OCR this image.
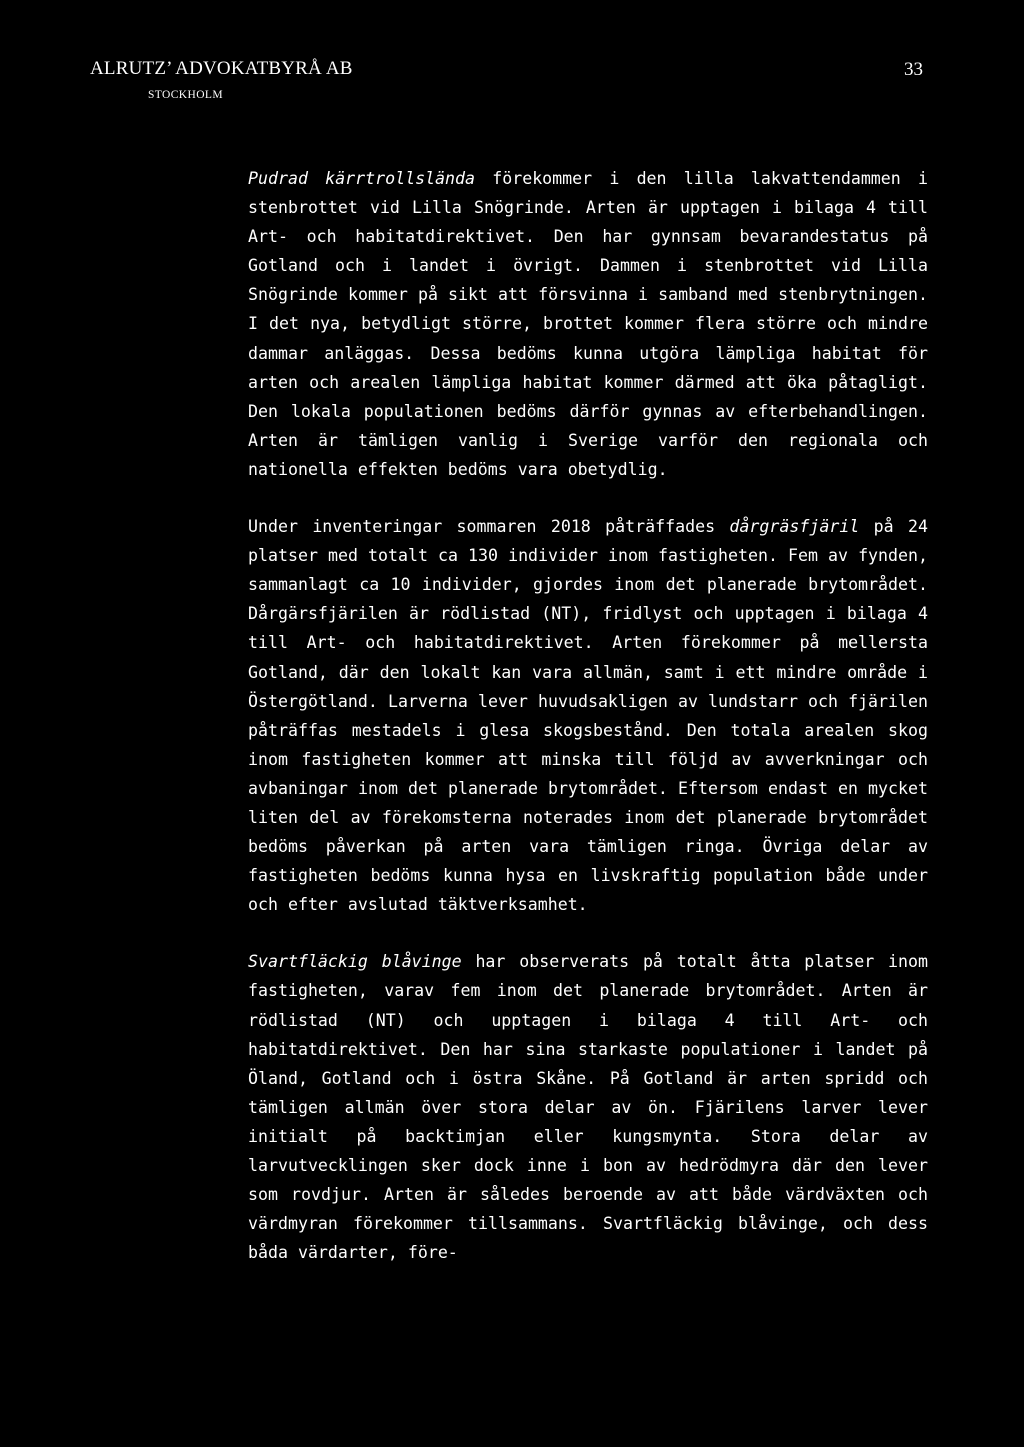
ALRUTZ’ ADVOKATBYRÅ AB
STOCKHOLM
33

Pudrad kärrtrollslända förekommer i den lilla lakvattendammen i stenbrottet vid Lilla Snögrinde. Arten är upptagen i bilaga 4 till Art- och habitatdirektivet. Den har gynnsam bevarandestatus på Gotland och i landet i övrigt. Dammen i stenbrottet vid Lilla Snögrinde kommer på sikt att försvinna i samband med stenbrytningen. I det nya, betydligt större, brottet kommer flera större och mindre dammar anläggas. Dessa bedöms kunna utgöra lämpliga habitat för arten och arealen lämpliga habitat kommer därmed att öka påtagligt. Den lokala populationen bedöms därför gynnas av efterbehandlingen. Arten är tämligen vanlig i Sverige varför den regionala och nationella effekten bedöms vara obetydlig.

Under inventeringar sommaren 2018 påträffades dårgräsfjäril på 24 platser med totalt ca 130 individer inom fastigheten. Fem av fynden, sammanlagt ca 10 individer, gjordes inom det planerade brytområdet. Dårgärsfjärilen är rödlistad (NT), fridlyst och upptagen i bilaga 4 till Art- och habitatdirektivet. Arten förekommer på mellersta Gotland, där den lokalt kan vara allmän, samt i ett mindre område i Östergötland. Larverna lever huvudsakligen av lundstarr och fjärilen påträffas mestadels i glesa skogsbestånd. Den totala arealen skog inom fastigheten kommer att minska till följd av avverkningar och avbaningar inom det planerade brytområdet. Eftersom endast en mycket liten del av förekomsterna noterades inom det planerade brytområdet bedöms påverkan på arten vara tämligen ringa. Övriga delar av fastigheten bedöms kunna hysa en livskraftig population både under och efter avslutad täktverksamhet.

Svartfläckig blåvinge har observerats på totalt åtta platser inom fastigheten, varav fem inom det planerade brytområdet. Arten är rödlistad (NT) och upptagen i bilaga 4 till Art- och habitatdirektivet. Den har sina starkaste populationer i landet på Öland, Gotland och i östra Skåne. På Gotland är arten spridd och tämligen allmän över stora delar av ön. Fjärilens larver lever initialt på backtimjan eller kungsmynta. Stora delar av larvutvecklingen sker dock inne i bon av hedrödmyra där den lever som rovdjur. Arten är således beroende av att både värdväxten och värdmyran förekommer tillsammans. Svartfläckig blåvinge, och dess båda värdarter, före-
